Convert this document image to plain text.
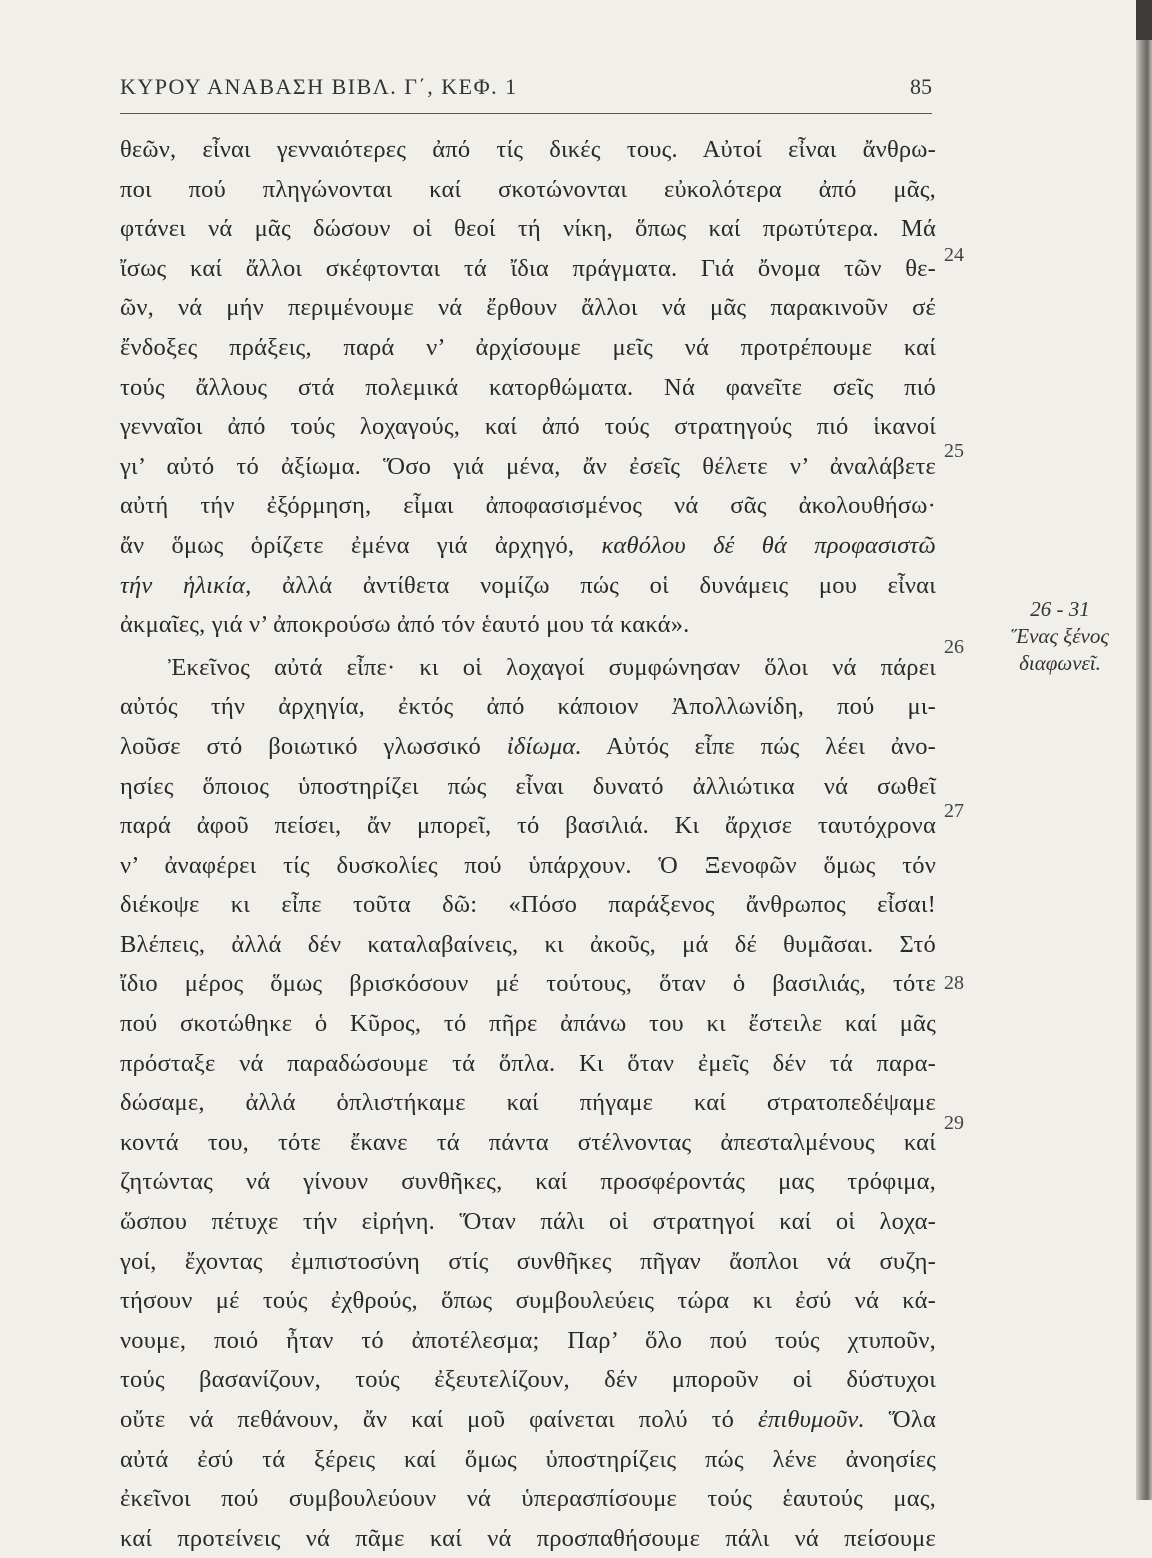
ΚΥΡΟΥ ΑΝΑΒΑΣΗ ΒΙΒΛ. Γ΄, ΚΕΦ. 1	85
θεῶν, εἶναι γενναιότερες ἀπό τίς δικές τους. Αὐτοί εἶναι ἄνθρω-
ποι πού πληγώνονται καί σκοτώνονται εὐκολότερα ἀπό μᾶς,
φτάνει νά μᾶς δώσουν οἱ θεοί τή νίκη, ὅπως καί πρωτύτερα. Μά
ἴσως καί ἄλλοι σκέφτονται τά ἴδια πράγματα. Γιά ὄνομα τῶν θε-
ῶν, νά μήν περιμένουμε νά ἔρθουν ἄλλοι νά μᾶς παρακινοῦν σέ
ἔνδοξες πράξεις, παρά ν’ ἀρχίσουμε μεῖς νά προτρέπουμε καί
τούς ἄλλους στά πολεμικά κατορθώματα. Νά φανεῖτε σεῖς πιό
γενναῖοι ἀπό τούς λοχαγούς, καί ἀπό τούς στρατηγούς πιό ἱκανοί
γι’ αὐτό τό ἀξίωμα. Ὅσο γιά μένα, ἄν ἐσεῖς θέλετε ν’ ἀναλάβετε
αὐτή τήν ἐξόρμηση, εἶμαι ἀποφασισμένος νά σᾶς ἀκολουθήσω·
ἄν ὅμως ὁρίζετε ἐμένα γιά ἀρχηγό, καθόλου δέ θά προφασιστῶ
τήν ἡλικία, ἀλλά ἀντίθετα νομίζω πώς οἱ δυνάμεις μου εἶναι
ἀκμαῖες, γιά ν’ ἀποκρούσω ἀπό τόν ἑαυτό μου τά κακά».
Ἐκεῖνος αὐτά εἶπε· κι οἱ λοχαγοί συμφώνησαν ὅλοι νά πάρει
αὐτός τήν ἀρχηγία, ἐκτός ἀπό κάποιον Ἀπολλωνίδη, πού μι-
λοῦσε στό βοιωτικό γλωσσικό ἰδίωμα. Αὐτός εἶπε πώς λέει ἀνο-
ησίες ὅποιος ὑποστηρίζει πώς εἶναι δυνατό ἀλλιώτικα νά σωθεῖ
παρά ἀφοῦ πείσει, ἄν μπορεῖ, τό βασιλιά. Κι ἄρχισε ταυτόχρονα
ν’ ἀναφέρει τίς δυσκολίες πού ὑπάρχουν. Ὁ Ξενοφῶν ὅμως τόν
διέκοψε κι εἶπε τοῦτα δῶ: «Πόσο παράξενος ἄνθρωπος εἶσαι!
Βλέπεις, ἀλλά δέν καταλαβαίνεις, κι ἀκοῦς, μά δέ θυμᾶσαι. Στό
ἴδιο μέρος ὅμως βρισκόσουν μέ τούτους, ὅταν ὁ βασιλιάς, τότε
πού σκοτώθηκε ὁ Κῦρος, τό πῆρε ἀπάνω του κι ἔστειλε καί μᾶς
πρόσταξε νά παραδώσουμε τά ὅπλα. Κι ὅταν ἐμεῖς δέν τά παρα-
δώσαμε, ἀλλά ὁπλιστήκαμε καί πήγαμε καί στρατοπεδέψαμε
κοντά του, τότε ἔκανε τά πάντα στέλνοντας ἀπεσταλμένους καί
ζητώντας νά γίνουν συνθῆκες, καί προσφέροντάς μας τρόφιμα,
ὥσπου πέτυχε τήν εἰρήνη. Ὅταν πάλι οἱ στρατηγοί καί οἱ λοχα-
γοί, ἔχοντας ἐμπιστοσύνη στίς συνθῆκες πῆγαν ἄοπλοι νά συζη-
τήσουν μέ τούς ἐχθρούς, ὅπως συμβουλεύεις τώρα κι ἐσύ νά κά-
νουμε, ποιό ἦταν τό ἀποτέλεσμα; Παρ’ ὅλο πού τούς χτυποῦν,
τούς βασανίζουν, τούς ἐξευτελίζουν, δέν μποροῦν οἱ δύστυχοι
οὔτε νά πεθάνουν, ἄν καί μοῦ φαίνεται πολύ τό ἐπιθυμοῦν. Ὅλα
αὐτά ἐσύ τά ξέρεις καί ὅμως ὑποστηρίζεις πώς λένε ἀνοησίες
ἐκεῖνοι πού συμβουλεύουν νά ὑπερασπίσουμε τούς ἑαυτούς μας,
καί προτείνεις νά πᾶμε καί νά προσπαθήσουμε πάλι νά πείσουμε
24
25
26
27
28
29
26 - 31
Ἕνας ξένος
διαφωνεῖ.
